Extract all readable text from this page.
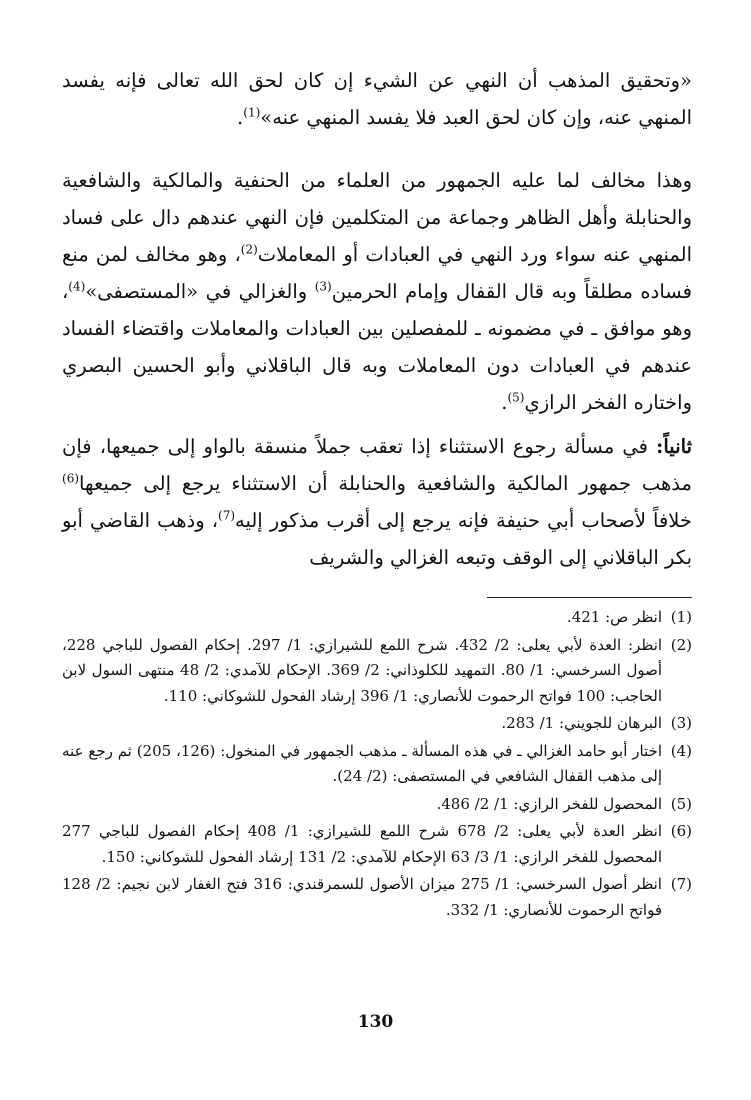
«وتحقيق المذهب أن النهي عن الشيء إن كان لحق الله تعالى فإنه يفسد المنهي عنه، وإن كان لحق العبد فلا يفسد المنهي عنه»$^{(1)}$.

وهذا مخالف لما عليه الجمهور من العلماء من الحنفية والمالكية والشافعية والحنابلة وأهل الظاهر وجماعة من المتكلمين فإن النهي عندهم دال على فساد المنهي عنه سواء ورد النهي في العبادات أو المعاملات$^{(2)}$، وهو مخالف لمن منع فساده مطلقاً وبه قال القفال وإمام الحرمين$^{(3)}$ والغزالي في «المستصفى»$^{(4)}$، وهو موافق ـ في مضمونه ـ للمفصلين بين العبادات والمعاملات واقتضاء الفساد عندهم في العبادات دون المعاملات وبه قال الباقلاني وأبو الحسين البصري واختاره الفخر الرازي$^{(5)}$.

ثانياً: في مسألة رجوع الاستثناء إذا تعقب جملاً منسقة بالواو إلى جميعها، فإن مذهب جمهور المالكية والشافعية والحنابلة أن الاستثناء يرجع إلى جميعها$^{(6)}$ خلافاً لأصحاب أبي حنيفة فإنه يرجع إلى أقرب مذكور إليه$^{(7)}$، وذهب القاضي أبو بكر الباقلاني إلى الوقف وتبعه الغزالي والشريف

(1)
انظر ص: 421.
(2)
انظر: العدة لأبي يعلى: 2/ 432. شرح اللمع للشيرازي: 1/ 297. إحكام الفصول للباجي 228، أصول السرخسي: 1/ 80. التمهيد للكلوذاني: 2/ 369. الإحكام للآمدي: 2/ 48 منتهى السول لابن الحاجب: 100 فواتح الرحموت للأنصاري: 1/ 396 إرشاد الفحول للشوكاني: 110.
(3)
البرهان للجويني: 1/ 283.
(4)
اختار أبو حامد الغزالي ـ في هذه المسألة ـ مذهب الجمهور في المنخول: (126، 205) ثم رجع عنه إلى مذهب القفال الشافعي في المستصفى: (2/ 24).
(5)
المحصول للفخر الرازي: 1/ 2/ 486.
(6)
انظر العدة لأبي يعلى: 2/ 678 شرح اللمع للشيرازي: 1/ 408 إحكام الفصول للباجي 277 المحصول للفخر الرازي: 1/ 3/ 63 الإحكام للآمدي: 2/ 131 إرشاد الفحول للشوكاني: 150.
(7)
انظر أصول السرخسي: 1/ 275 ميزان الأصول للسمرقندي: 316 فتح الغفار لابن نجيم: 2/ 128 فواتح الرحموت للأنصاري: 1/ 332.
130
